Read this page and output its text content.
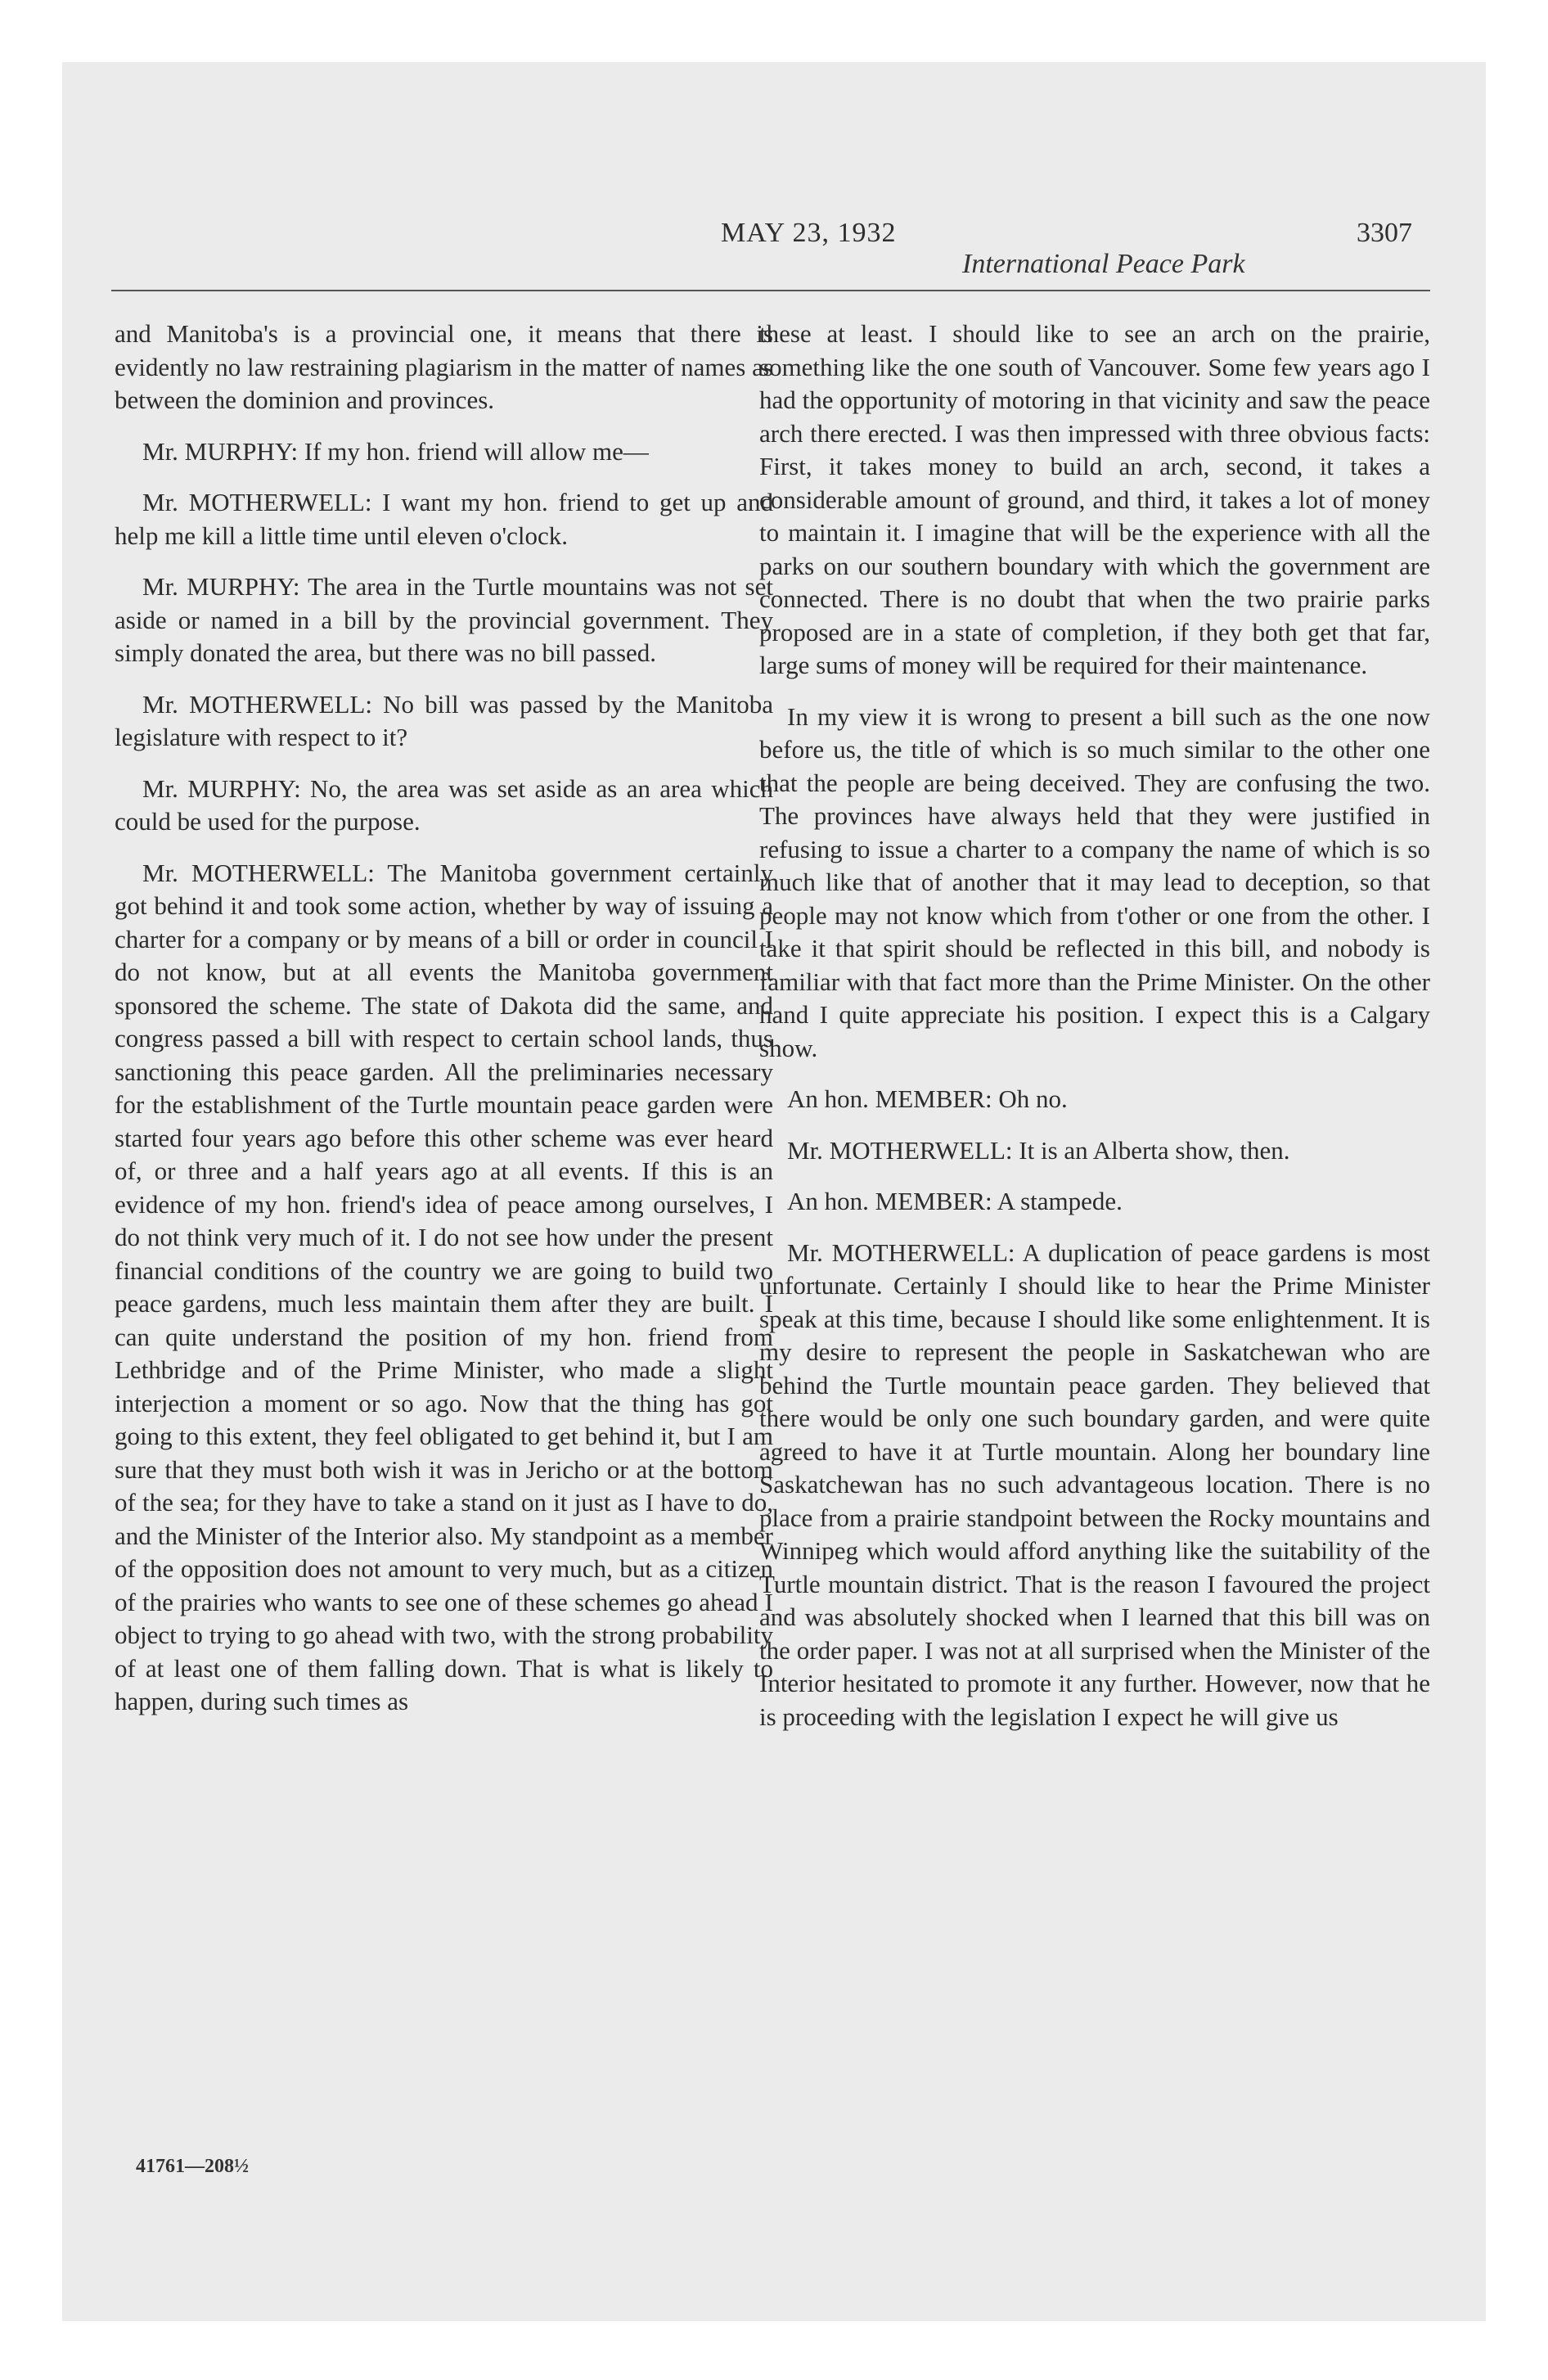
MAY 23, 1932	3307
International Peace Park

and Manitoba's is a provincial one, it means that there is evidently no law restraining plagiarism in the matter of names as between the dominion and provinces.

Mr. MURPHY: If my hon. friend will allow me—

Mr. MOTHERWELL: I want my hon. friend to get up and help me kill a little time until eleven o'clock.

Mr. MURPHY: The area in the Turtle mountains was not set aside or named in a bill by the provincial government. They simply donated the area, but there was no bill passed.

Mr. MOTHERWELL: No bill was passed by the Manitoba legislature with respect to it?

Mr. MURPHY: No, the area was set aside as an area which could be used for the purpose.

Mr. MOTHERWELL: The Manitoba government certainly got behind it and took some action, whether by way of issuing a charter for a company or by means of a bill or order in council I do not know, but at all events the Manitoba government sponsored the scheme. The state of Dakota did the same, and congress passed a bill with respect to certain school lands, thus sanctioning this peace garden. All the preliminaries necessary for the establishment of the Turtle mountain peace garden were started four years ago before this other scheme was ever heard of, or three and a half years ago at all events. If this is an evidence of my hon. friend's idea of peace among ourselves, I do not think very much of it. I do not see how under the present financial conditions of the country we are going to build two peace gardens, much less maintain them after they are built. I can quite understand the position of my hon. friend from Lethbridge and of the Prime Minister, who made a slight interjection a moment or so ago. Now that the thing has got going to this extent, they feel obligated to get behind it, but I am sure that they must both wish it was in Jericho or at the bottom of the sea; for they have to take a stand on it just as I have to do, and the Minister of the Interior also. My standpoint as a member of the opposition does not amount to very much, but as a citizen of the prairies who wants to see one of these schemes go ahead I object to trying to go ahead with two, with the strong probability of at least one of them falling down. That is what is likely to happen, during such times as

these at least. I should like to see an arch on the prairie, something like the one south of Vancouver. Some few years ago I had the opportunity of motoring in that vicinity and saw the peace arch there erected. I was then impressed with three obvious facts: First, it takes money to build an arch, second, it takes a considerable amount of ground, and third, it takes a lot of money to maintain it. I imagine that will be the experience with all the parks on our southern boundary with which the government are connected. There is no doubt that when the two prairie parks proposed are in a state of completion, if they both get that far, large sums of money will be required for their maintenance.

In my view it is wrong to present a bill such as the one now before us, the title of which is so much similar to the other one that the people are being deceived. They are confusing the two. The provinces have always held that they were justified in refusing to issue a charter to a company the name of which is so much like that of another that it may lead to deception, so that people may not know which from t'other or one from the other. I take it that spirit should be reflected in this bill, and nobody is familiar with that fact more than the Prime Minister. On the other hand I quite appreciate his position. I expect this is a Calgary show.

An hon. MEMBER: Oh no.

Mr. MOTHERWELL: It is an Alberta show, then.

An hon. MEMBER: A stampede.

Mr. MOTHERWELL: A duplication of peace gardens is most unfortunate. Certainly I should like to hear the Prime Minister speak at this time, because I should like some enlightenment. It is my desire to represent the people in Saskatchewan who are behind the Turtle mountain peace garden. They believed that there would be only one such boundary garden, and were quite agreed to have it at Turtle mountain. Along her boundary line Saskatchewan has no such advantageous location. There is no place from a prairie standpoint between the Rocky mountains and Winnipeg which would afford anything like the suitability of the Turtle mountain district. That is the reason I favoured the project and was absolutely shocked when I learned that this bill was on the order paper. I was not at all surprised when the Minister of the Interior hesitated to promote it any further. However, now that he is proceeding with the legislation I expect he will give us

41761—208½
